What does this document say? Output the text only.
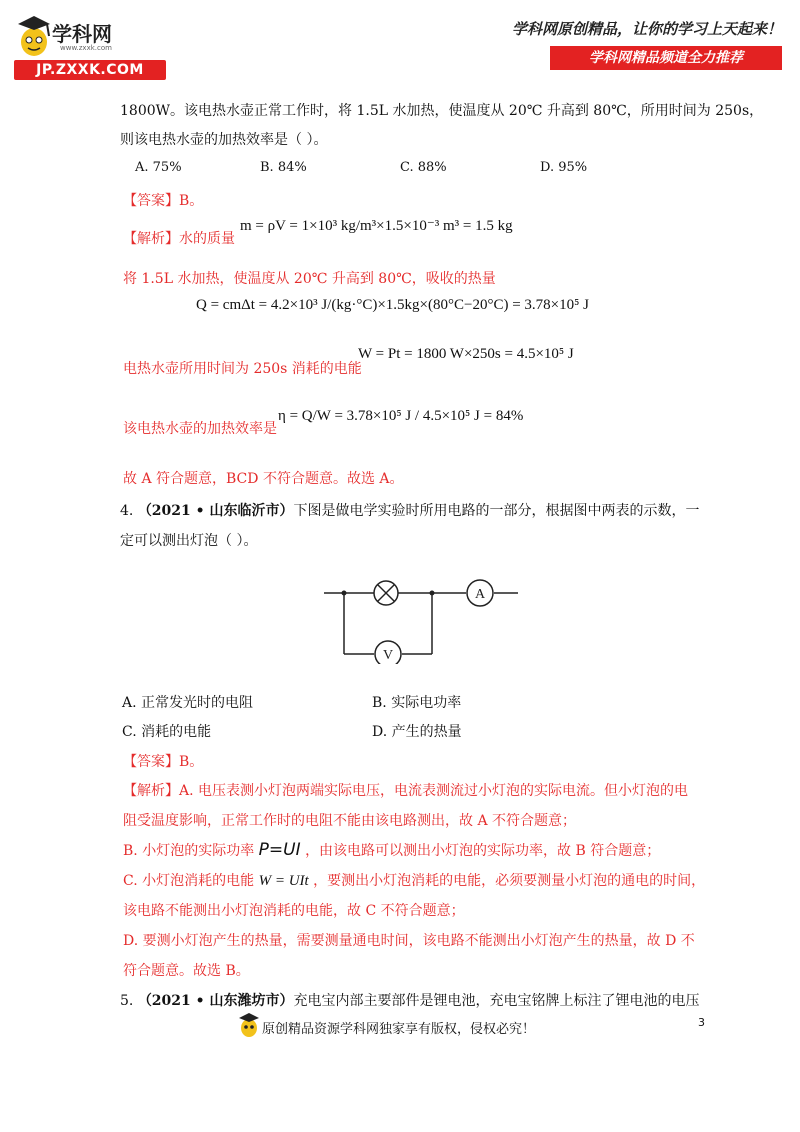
学科网
www.zxxk.com
JP.ZXXK.COM
学科网原创精品，让你的学习上天起来！
学科网精品频道全力推荐
1800W。该电热水壶正常工作时，将 1.5L 水加热，使温度从 20℃ 升高到 80℃，所用时间为 250s，
则该电热水壶的加热效率是（ ）。
A. 75%	B. 84%	C. 88%	D. 95%
【答案】B。
【解析】水的质量
m = ρV = 1×10³ kg/m³×1.5×10⁻³ m³ = 1.5 kg
将 1.5L 水加热，使温度从 20℃ 升高到 80℃，吸收的热量
Q = cmΔt = 4.2×10³ J/(kg·°C)×1.5kg×(80°C−20°C) = 3.78×10⁵ J
电热水壶所用时间为 250s 消耗的电能
W = Pt = 1800 W×250s = 4.5×10⁵ J
该电热水壶的加热效率是
η = Q/W = 3.78×10⁵ J / 4.5×10⁵ J = 84%
故 A 符合题意，BCD 不符合题意。故选 A。
4. （2021 • 山东临沂市）下图是做电学实验时所用电路的一部分，根据图中两表的示数，一
定可以测出灯泡（ ）。
A
V
A. 正常发光时的电阻	B. 实际电功率
C. 消耗的电能	D. 产生的热量
【答案】B。
【解析】A. 电压表测小灯泡两端实际电压，电流表测流过小灯泡的实际电流。但小灯泡的电
阻受温度影响，正常工作时的电阻不能由该电路测出，故 A 不符合题意；
B. 小灯泡的实际功率 P=UI ，由该电路可以测出小灯泡的实际功率，故 B 符合题意；
C. 小灯泡消耗的电能 W = UIt ，要测出小灯泡消耗的电能，必须要测量小灯泡的通电的时间，
该电路不能测出小灯泡消耗的电能，故 C 不符合题意；
D. 要测小灯泡产生的热量，需要测量通电时间，该电路不能测出小灯泡产生的热量，故 D 不
符合题意。故选 B。
5. （2021 • 山东潍坊市）充电宝内部主要部件是锂电池，充电宝铭牌上标注了锂电池的电压
原创精品资源学科网独家享有版权，侵权必究！	3
